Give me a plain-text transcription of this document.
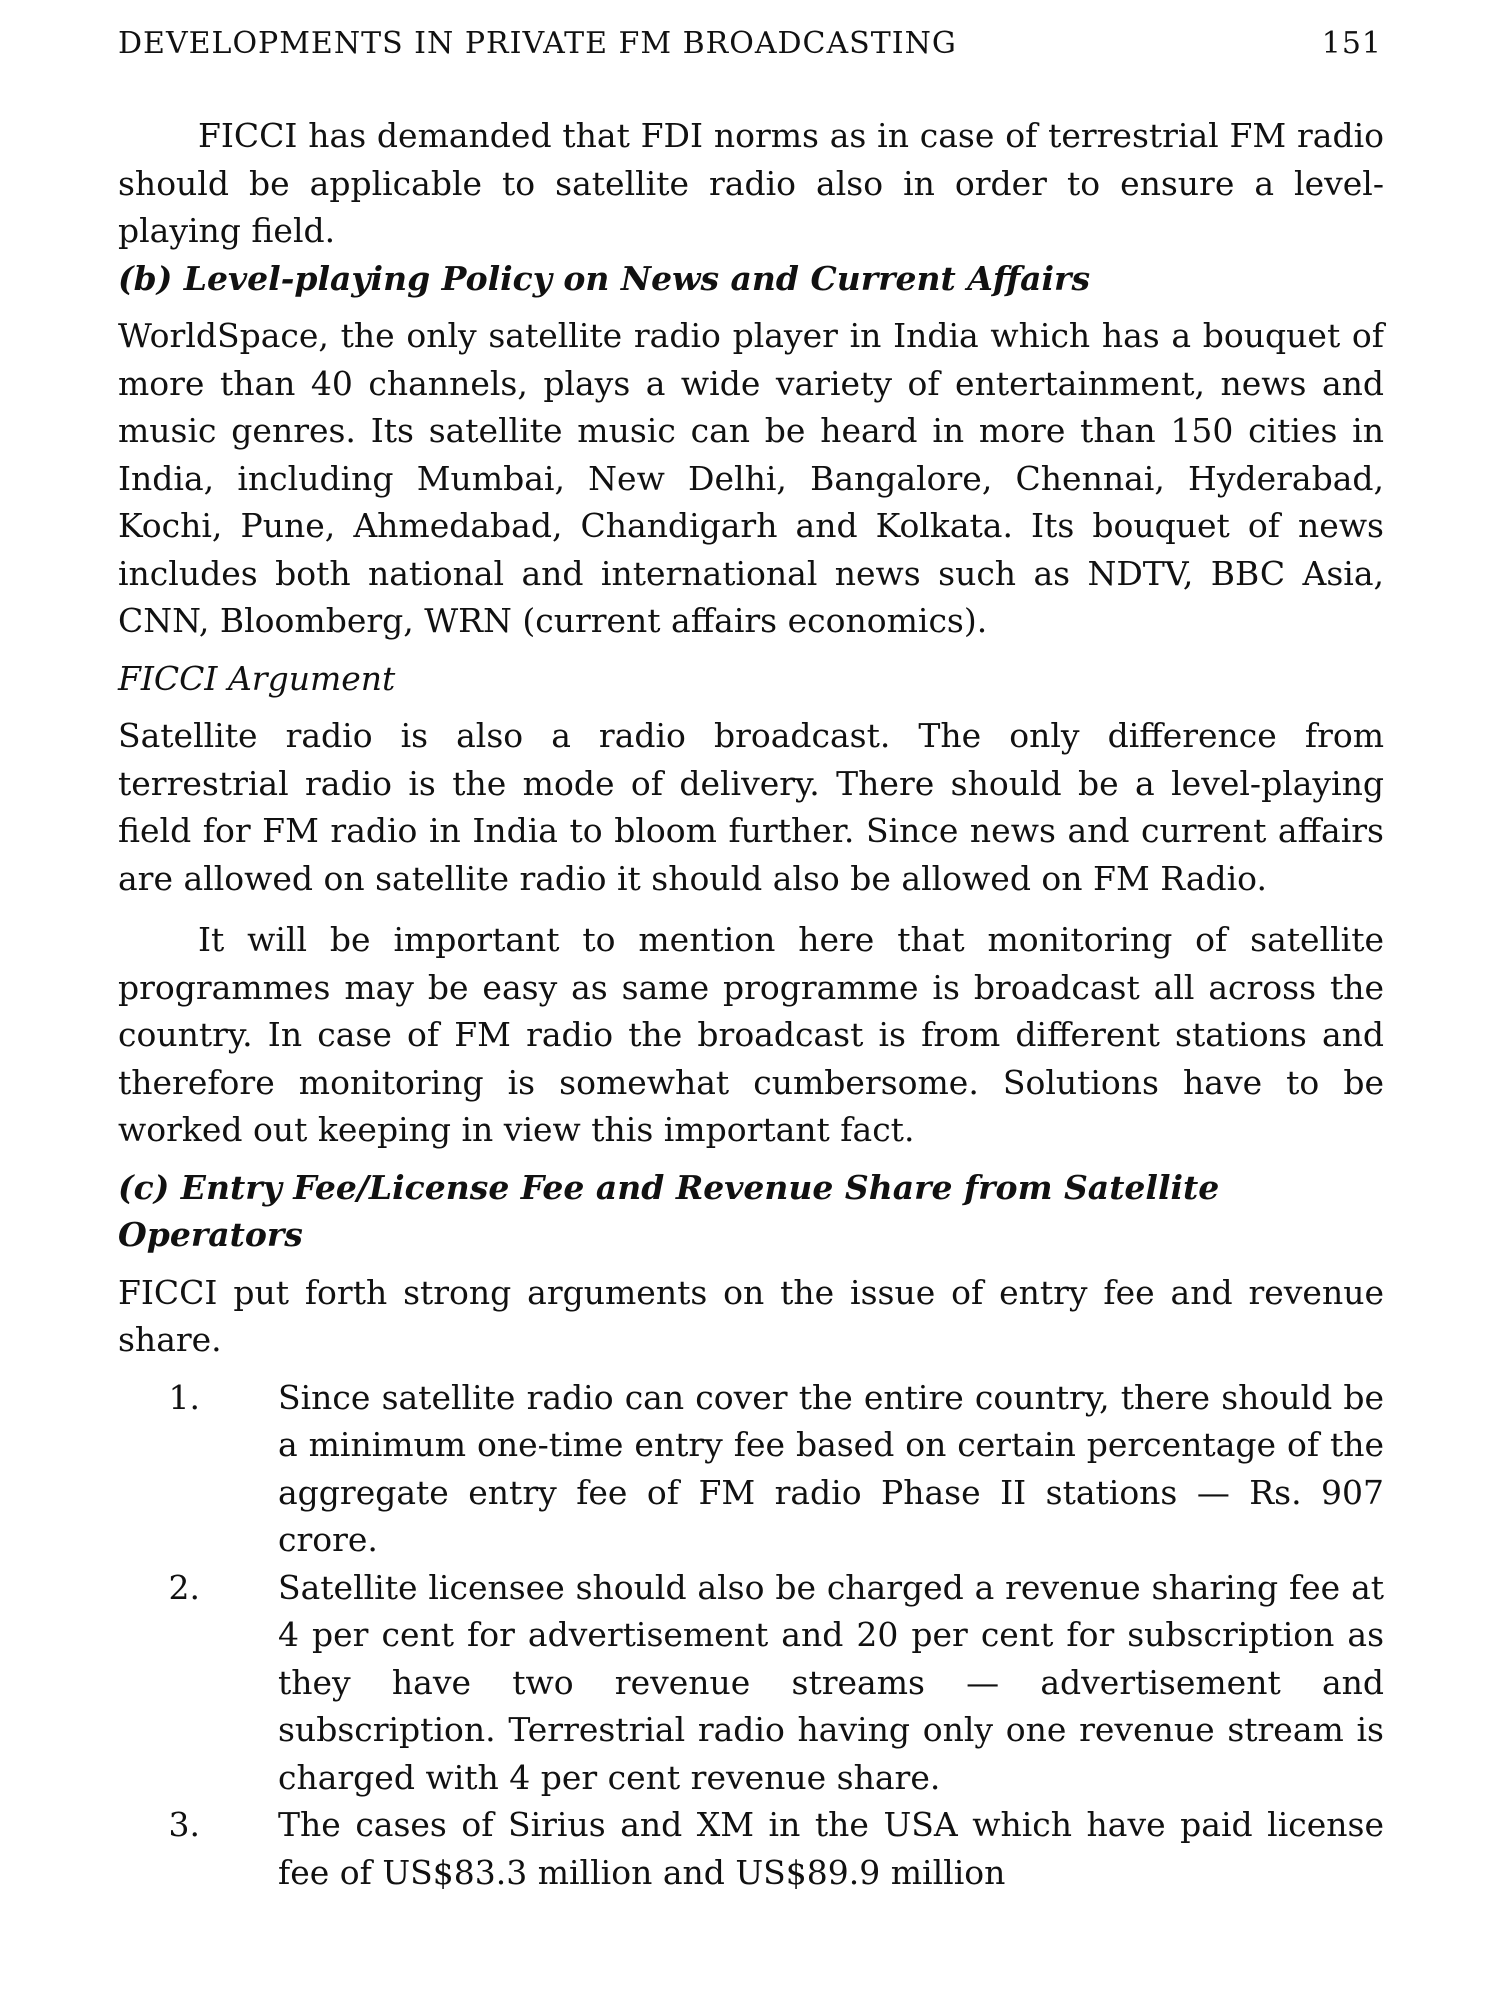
DEVELOPMENTS IN PRIVATE FM BROADCASTING	151

FICCI has demanded that FDI norms as in case of terrestrial FM radio should be applicable to satellite radio also in order to ensure a level-playing field.

(b) Level-playing Policy on News and Current Affairs

WorldSpace, the only satellite radio player in India which has a bouquet of more than 40 channels, plays a wide variety of entertainment, news and music genres. Its satellite music can be heard in more than 150 cities in India, including Mumbai, New Delhi, Bangalore, Chennai, Hyderabad, Kochi, Pune, Ahmedabad, Chandigarh and Kolkata. Its bouquet of news includes both national and international news such as NDTV, BBC Asia, CNN, Bloomberg, WRN (current affairs economics).

FICCI Argument

Satellite radio is also a radio broadcast. The only difference from terrestrial radio is the mode of delivery. There should be a level-playing field for FM radio in India to bloom further. Since news and current affairs are allowed on satellite radio it should also be allowed on FM Radio.

It will be important to mention here that monitoring of satellite programmes may be easy as same programme is broadcast all across the country. In case of FM radio the broadcast is from different stations and therefore monitoring is somewhat cumbersome. Solutions have to be worked out keeping in view this important fact.

(c) Entry Fee/License Fee and Revenue Share from Satellite Operators

FICCI put forth strong arguments on the issue of entry fee and revenue share.

1.	Since satellite radio can cover the entire country, there should be a minimum one-time entry fee based on certain percentage of the aggregate entry fee of FM radio Phase II stations — Rs. 907 crore.
2.	Satellite licensee should also be charged a revenue sharing fee at 4 per cent for advertisement and 20 per cent for subscription as they have two revenue streams — advertisement and subscription. Terrestrial radio having only one revenue stream is charged with 4 per cent revenue share.
3.	The cases of Sirius and XM in the USA which have paid license fee of US$83.3 million and US$89.9 million
